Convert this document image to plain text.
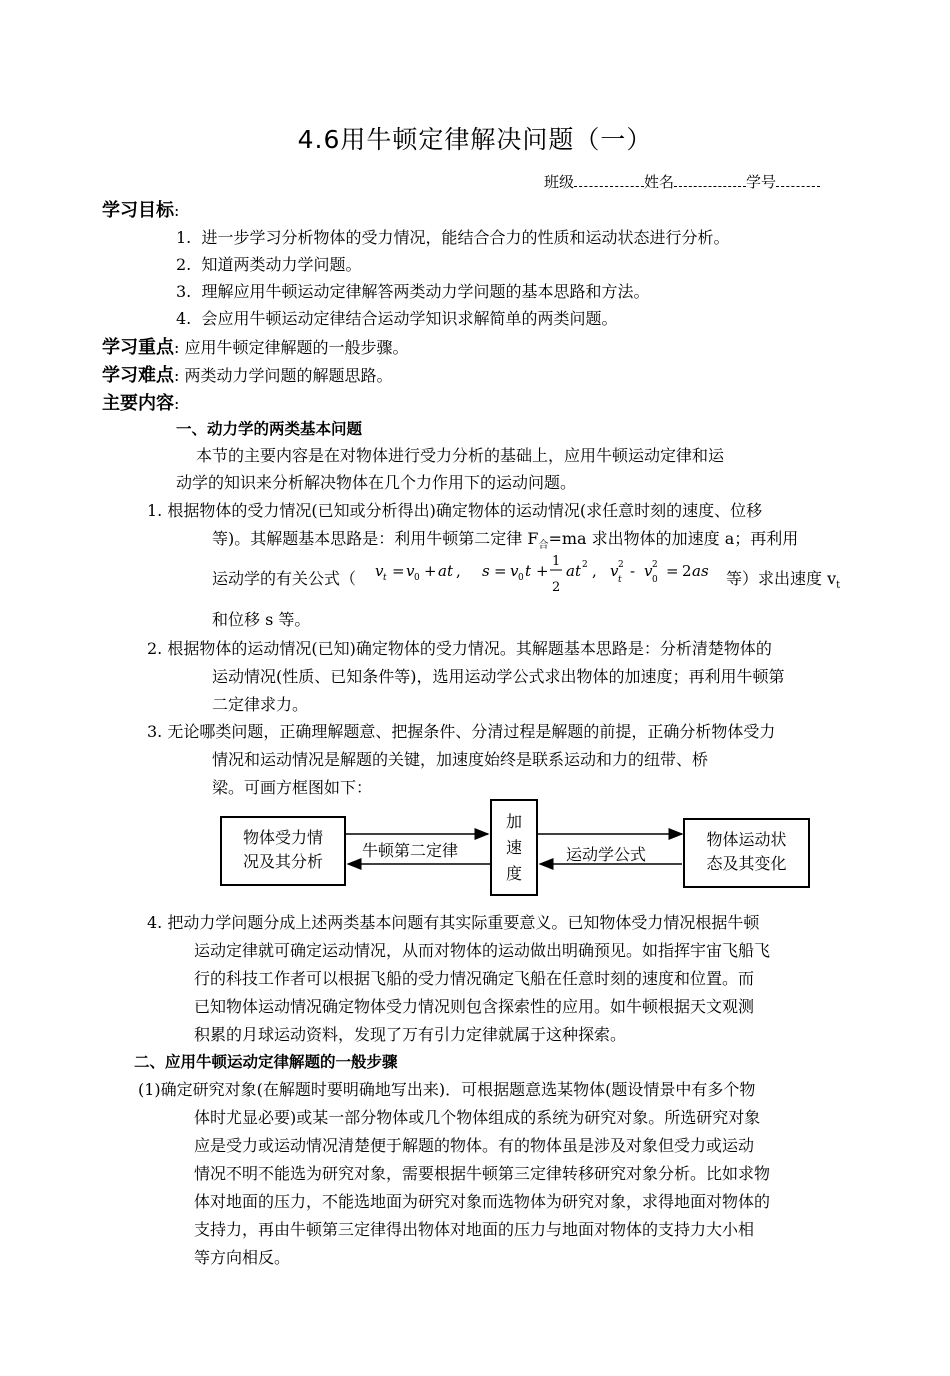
4.6用牛顿定律解决问题（一）
班级	姓名	学号
学习目标:
1. 进一步学习分析物体的受力情况，能结合合力的性质和运动状态进行分析。
2. 知道两类动力学问题。
3. 理解应用牛顿运动定律解答两类动力学问题的基本思路和方法。
4. 会应用牛顿运动定律结合运动学知识求解简单的两类问题。
学习重点: 应用牛顿定律解题的一般步骤。
学习难点: 两类动力学问题的解题思路。
主要内容:
一、动力学的两类基本问题
本节的主要内容是在对物体进行受力分析的基础上，应用牛顿运动定律和运
动学的知识来分析解决物体在几个力作用下的运动问题。
1. 根据物体的受力情况(已知或分析得出)确定物体的运动情况(求任意时刻的速度、位移
等)。其解题基本思路是：利用牛顿第二定律 $F_合=ma$ 求出物体的加速度 a；再利用
运动学的有关公式（ v t = v 0 + at , s = v 0 t +
1
2
at 2 , v 2
t - v 2
0 = 2 as 等）求出速度 $v_t$
和位移 s 等。
2. 根据物体的运动情况(已知)确定物体的受力情况。其解题基本思路是：分析清楚物体的
运动情况(性质、已知条件等)，选用运动学公式求出物体的加速度；再利用牛顿第
二定律求力。
3. 无论哪类问题，正确理解题意、把握条件、分清过程是解题的前提，正确分析物体受力
情况和运动情况是解题的关键，加速度始终是联系运动和力的纽带、桥
梁。可画方框图如下：
物体受力情
况及其分析
加
速
度
物体运动状
态及其变化
牛顿第二定律	运动学公式
4. 把动力学问题分成上述两类基本问题有其实际重要意义。已知物体受力情况根据牛顿
运动定律就可确定运动情况，从而对物体的运动做出明确预见。如指挥宇宙飞船飞
行的科技工作者可以根据飞船的受力情况确定飞船在任意时刻的速度和位置。而
已知物体运动情况确定物体受力情况则包含探索性的应用。如牛顿根据天文观测
积累的月球运动资料，发现了万有引力定律就属于这种探索。
二、应用牛顿运动定律解题的一般步骤
(1)确定研究对象(在解题时要明确地写出来)．可根据题意选某物体(题设情景中有多个物
体时尤显必要)或某一部分物体或几个物体组成的系统为研究对象。所选研究对象
应是受力或运动情况清楚便于解题的物体。有的物体虽是涉及对象但受力或运动
情况不明不能选为研究对象，需要根据牛顿第三定律转移研究对象分析。比如求物
体对地面的压力，不能选地面为研究对象而选物体为研究对象，求得地面对物体的
支持力，再由牛顿第三定律得出物体对地面的压力与地面对物体的支持力大小相
等方向相反。
